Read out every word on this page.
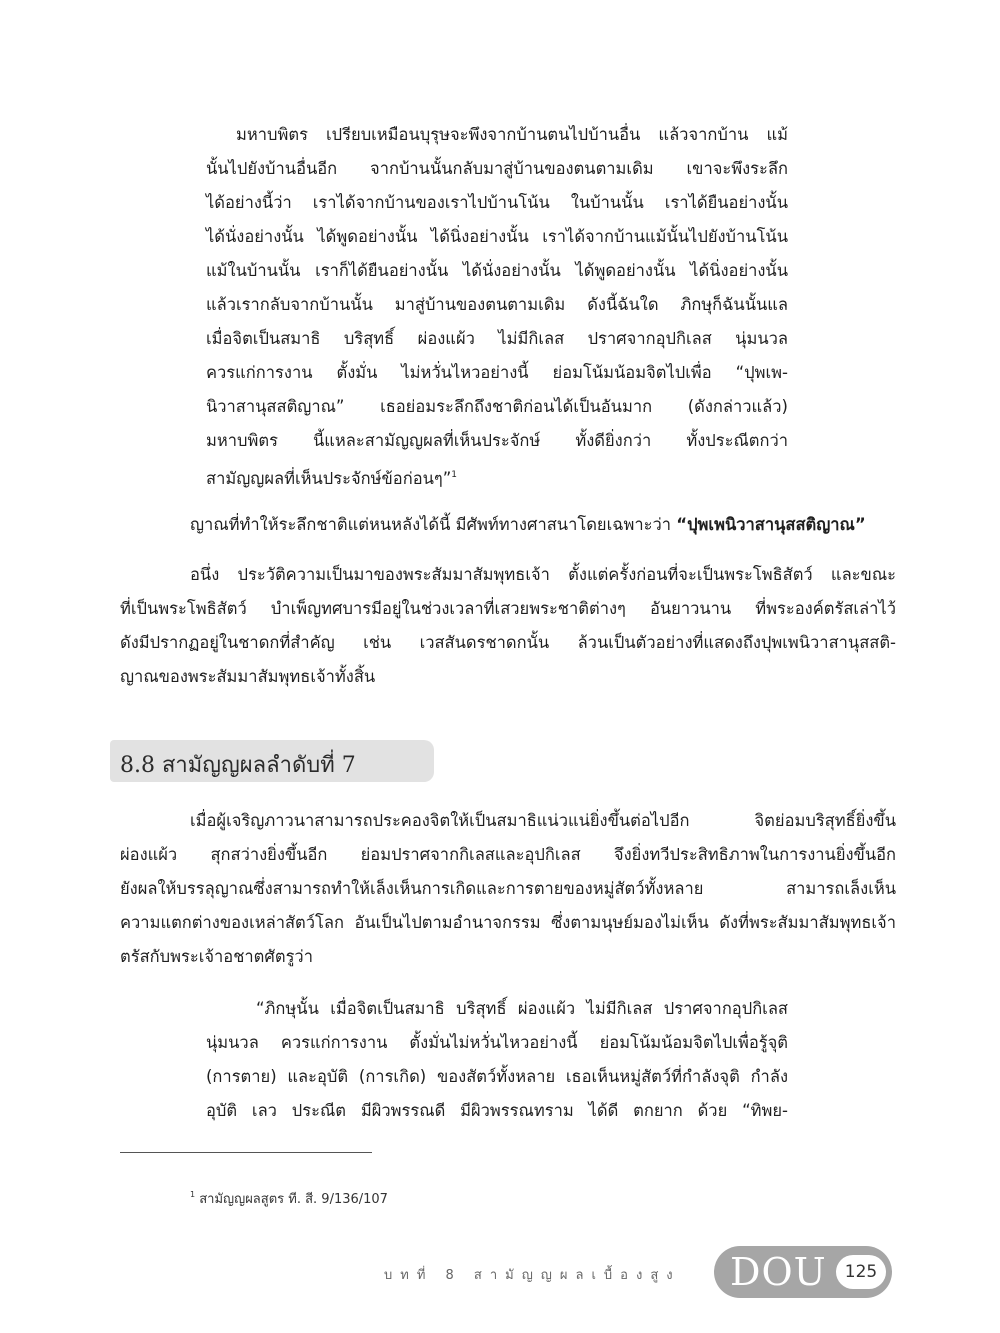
มหาบพิตร เปรียบเหมือนบุรุษจะพึงจากบ้านตนไปบ้านอื่น แล้วจากบ้าน แม้
นั้นไปยังบ้านอื่นอีก จากบ้านนั้นกลับมาสู่บ้านของตนตามเดิม เขาจะพึงระลึก
ได้อย่างนี้ว่า เราได้จากบ้านของเราไปบ้านโน้น ในบ้านนั้น เราได้ยืนอย่างนั้น
ได้นั่งอย่างนั้น ได้พูดอย่างนั้น ได้นิ่งอย่างนั้น เราได้จากบ้านแม้นั้นไปยังบ้านโน้น
แม้ในบ้านนั้น เราก็ได้ยืนอย่างนั้น ได้นั่งอย่างนั้น ได้พูดอย่างนั้น ได้นิ่งอย่างนั้น
แล้วเรากลับจากบ้านนั้น มาสู่บ้านของตนตามเดิม ดังนี้ฉันใด ภิกษุก็ฉันนั้นแล
เมื่อจิตเป็นสมาธิ บริสุทธิ์ ผ่องแผ้ว ไม่มีกิเลส ปราศจากอุปกิเลส นุ่มนวล
ควรแก่การงาน ตั้งมั่น ไม่หวั่นไหวอย่างนี้ ย่อมโน้มน้อมจิตไปเพื่อ “ปุพเพ-
นิวาสานุสสติญาณ” เธอย่อมระลึกถึงชาติก่อนได้เป็นอันมาก (ดังกล่าวแล้ว)
มหาบพิตร นี้แหละสามัญญผลที่เห็นประจักษ์ ทั้งดียิ่งกว่า ทั้งประณีตกว่า
สามัญญผลที่เห็นประจักษ์ข้อก่อนๆ”$^1$
ญาณที่ทำให้ระลึกชาติแต่หนหลังได้นี้ มีศัพท์ทางศาสนาโดยเฉพาะว่า “ปุพเพนิวาสานุสสติญาณ”
อนึ่ง ประวัติความเป็นมาของพระสัมมาสัมพุทธเจ้า ตั้งแต่ครั้งก่อนที่จะเป็นพระโพธิสัตว์ และขณะ
ที่เป็นพระโพธิสัตว์ บำเพ็ญทศบารมีอยู่ในช่วงเวลาที่เสวยพระชาติต่างๆ อันยาวนาน ที่พระองค์ตรัสเล่าไว้
ดังมีปรากฏอยู่ในชาดกที่สำคัญ เช่น เวสสันดรชาดกนั้น ล้วนเป็นตัวอย่างที่แสดงถึงปุพเพนิวาสานุสสติ-
ญาณของพระสัมมาสัมพุทธเจ้าทั้งสิ้น
8.8 สามัญญผลลำดับที่ 7
เมื่อผู้เจริญภาวนาสามารถประคองจิตให้เป็นสมาธิแน่วแน่ยิ่งขึ้นต่อไปอีก จิตย่อมบริสุทธิ์ยิ่งขึ้น
ผ่องแผ้ว สุกสว่างยิ่งขึ้นอีก ย่อมปราศจากกิเลสและอุปกิเลส จึงยิ่งทวีประสิทธิภาพในการงานยิ่งขึ้นอีก
ยังผลให้บรรลุญาณซึ่งสามารถทำให้เล็งเห็นการเกิดและการตายของหมู่สัตว์ทั้งหลาย สามารถเล็งเห็น
ความแตกต่างของเหล่าสัตว์โลก อันเป็นไปตามอำนาจกรรม ซึ่งตามนุษย์มองไม่เห็น ดังที่พระสัมมาสัมพุทธเจ้า
ตรัสกับพระเจ้าอชาตศัตรูว่า
“ภิกษุนั้น เมื่อจิตเป็นสมาธิ บริสุทธิ์ ผ่องแผ้ว ไม่มีกิเลส ปราศจากอุปกิเลส
นุ่มนวล ควรแก่การงาน ตั้งมั่นไม่หวั่นไหวอย่างนี้ ย่อมโน้มน้อมจิตไปเพื่อรู้จุติ
(การตาย) และอุบัติ (การเกิด) ของสัตว์ทั้งหลาย เธอเห็นหมู่สัตว์ที่กำลังจุติ กำลัง
อุบัติ เลว ประณีต มีผิวพรรณดี มีผิวพรรณทราม ได้ดี ตกยาก ด้วย “ทิพย-
$^1$ สามัญญผลสูตร ที. สี. 9/136/107
บทที่ 8 สามัญญผลเบื้องสูง DOU	125
